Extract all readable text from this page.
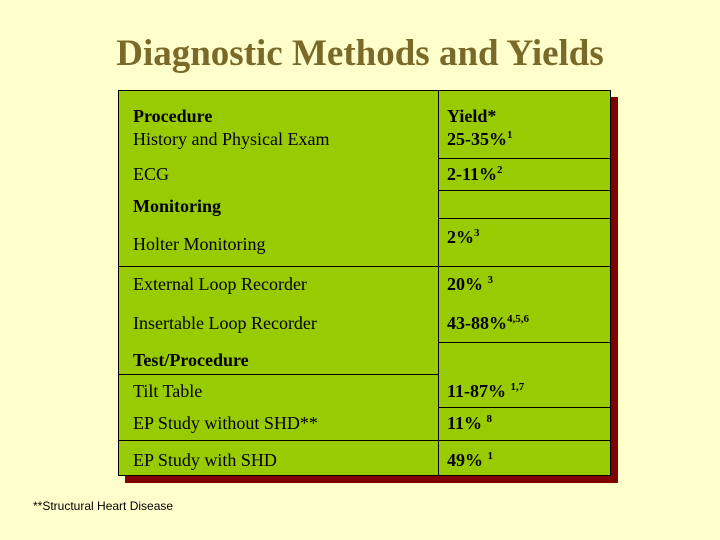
Diagnostic Methods and Yields
Procedure	Yield*
History and Physical Exam	25-35%$^1$
ECG	2-11%$^2$
Monitoring
Holter Monitoring	2%$^3$
External Loop Recorder	20% $^3$
Insertable Loop Recorder	43-88%$^{4,5,6}$
Test/Procedure
Tilt Table	11-87% $^{1,7}$
EP Study without SHD**	11% $^8$
EP Study with SHD	49% $^1$
**Structural Heart Disease
